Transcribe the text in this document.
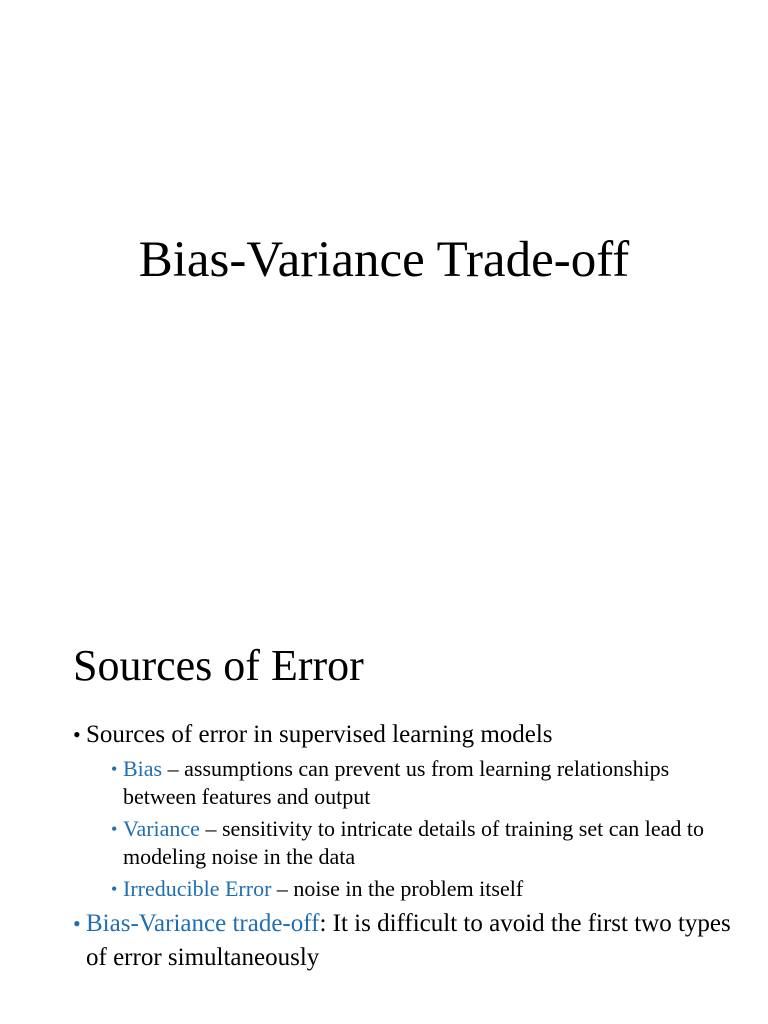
Bias-Variance Trade-off
Sources of Error
• Sources of error in supervised learning models
• Bias – assumptions can prevent us from learning relationships between features and output
• Variance – sensitivity to intricate details of training set can lead to modeling noise in the data
• Irreducible Error – noise in the problem itself
• Bias-Variance trade-off: It is difficult to avoid the first two types of error simultaneously
